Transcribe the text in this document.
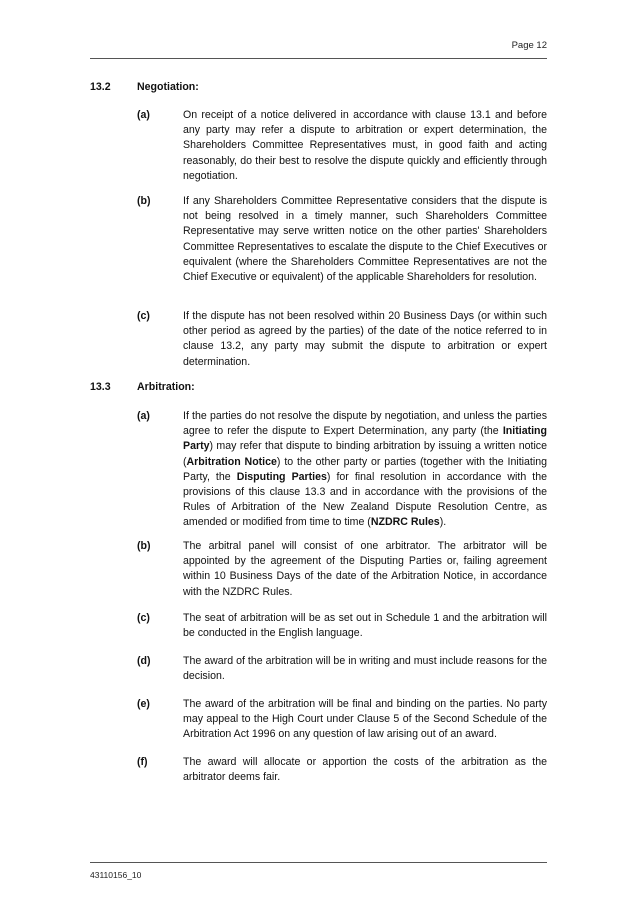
Page 12
13.2 Negotiation:
(a)	On receipt of a notice delivered in accordance with clause 13.1 and before any party may refer a dispute to arbitration or expert determination, the Shareholders Committee Representatives must, in good faith and acting reasonably, do their best to resolve the dispute quickly and efficiently through negotiation.
(b)	If any Shareholders Committee Representative considers that the dispute is not being resolved in a timely manner, such Shareholders Committee Representative may serve written notice on the other parties' Shareholders Committee Representatives to escalate the dispute to the Chief Executives or equivalent (where the Shareholders Committee Representatives are not the Chief Executive or equivalent) of the applicable Shareholders for resolution.
(c)	If the dispute has not been resolved within 20 Business Days (or within such other period as agreed by the parties) of the date of the notice referred to in clause 13.2, any party may submit the dispute to arbitration or expert determination.
13.3 Arbitration:
(a)	If the parties do not resolve the dispute by negotiation, and unless the parties agree to refer the dispute to Expert Determination, any party (the Initiating Party) may refer that dispute to binding arbitration by issuing a written notice (Arbitration Notice) to the other party or parties (together with the Initiating Party, the Disputing Parties) for final resolution in accordance with the provisions of this clause 13.3 and in accordance with the provisions of the Rules of Arbitration of the New Zealand Dispute Resolution Centre, as amended or modified from time to time (NZDRC Rules).
(b)	The arbitral panel will consist of one arbitrator. The arbitrator will be appointed by the agreement of the Disputing Parties or, failing agreement within 10 Business Days of the date of the Arbitration Notice, in accordance with the NZDRC Rules.
(c)	The seat of arbitration will be as set out in Schedule 1 and the arbitration will be conducted in the English language.
(d)	The award of the arbitration will be in writing and must include reasons for the decision.
(e)	The award of the arbitration will be final and binding on the parties. No party may appeal to the High Court under Clause 5 of the Second Schedule of the Arbitration Act 1996 on any question of law arising out of an award.
(f)	The award will allocate or apportion the costs of the arbitration as the arbitrator deems fair.
43110156_10
